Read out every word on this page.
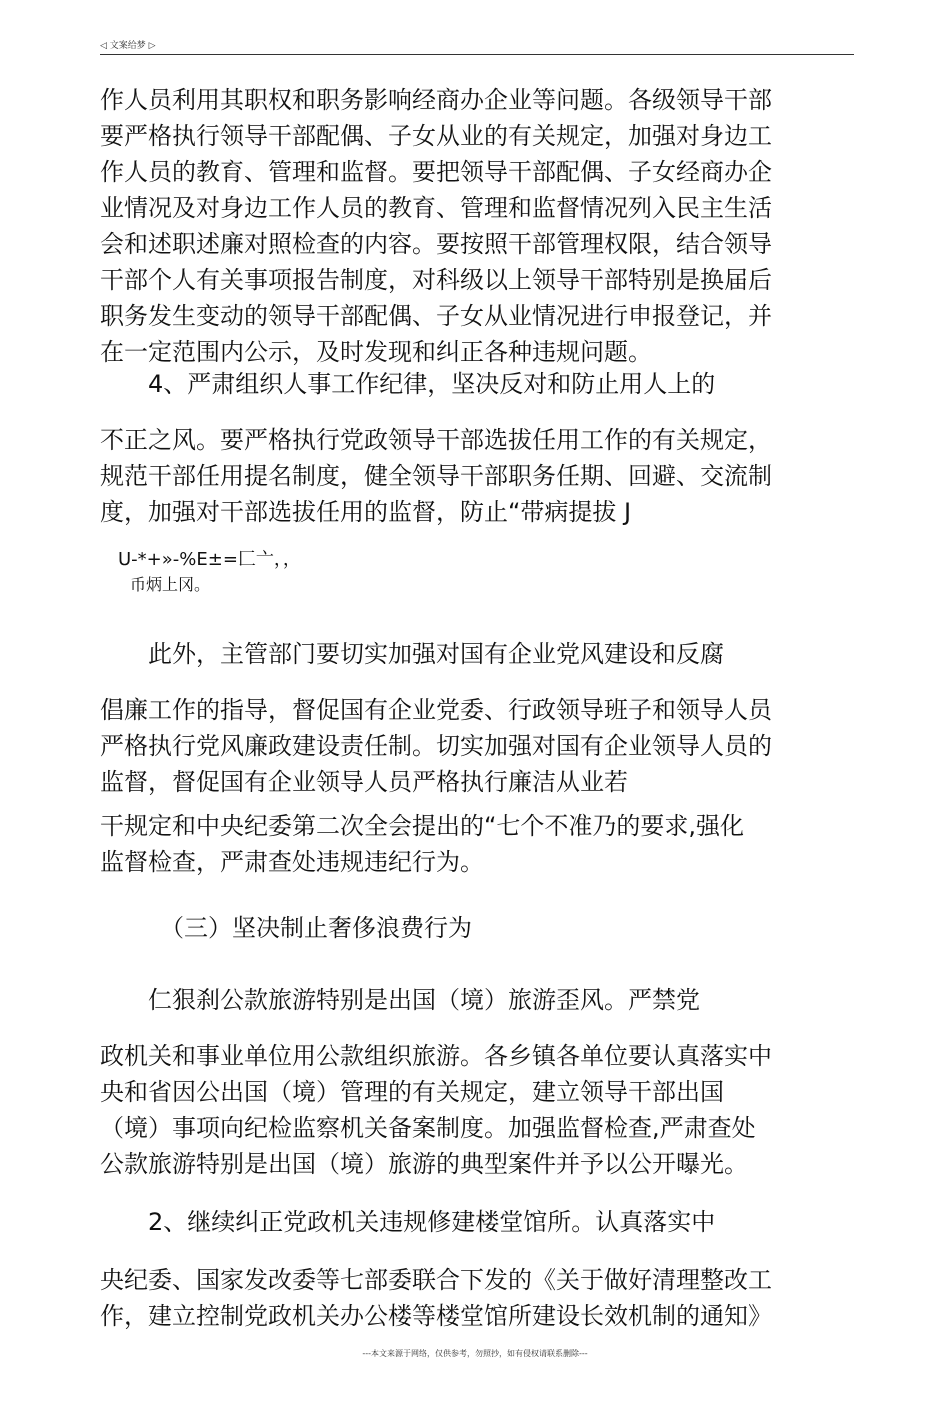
◁ 文案给梦 ▷
作人员利用其职权和职务影响经商办企业等问题。各级领导干部
要严格执行领导干部配偶、子女从业的有关规定，加强对身边工
作人员的教育、管理和监督。要把领导干部配偶、子女经商办企
业情况及对身边工作人员的教育、管理和监督情况列入民主生活
会和述职述廉对照检查的内容。要按照干部管理权限，结合领导
干部个人有关事项报告制度，对科级以上领导干部特别是换届后
职务发生变动的领导干部配偶、子女从业情况进行申报登记，并
在一定范围内公示，及时发现和纠正各种违规问题。
　　4、严肃组织人事工作纪律，坚决反对和防止用人上的
不正之风。要严格执行党政领导干部选拔任用工作的有关规定，
规范干部任用提名制度，健全领导干部职务任期、回避、交流制
度，加强对干部选拔任用的监督，防止“带病提拔 J
U-*+»-%E±=匚亠，，
币炳上冈。
　　此外，主管部门要切实加强对国有企业党风建设和反腐
倡廉工作的指导，督促国有企业党委、行政领导班子和领导人员
严格执行党风廉政建设责任制。切实加强对国有企业领导人员的
监督，督促国有企业领导人员严格执行廉洁从业若
干规定和中央纪委第二次全会提出的“七个不准乃的要求,强化
监督检查，严肃查处违规违纪行为。
　　　（三）坚决制止奢侈浪费行为
　　仁狠刹公款旅游特别是出国（境）旅游歪风。严禁党
政机关和事业单位用公款组织旅游。各乡镇各单位要认真落实中
央和省因公出国（境）管理的有关规定，建立领导干部出国
（境）事项向纪检监察机关备案制度。加强监督检查,严肃查处
公款旅游特别是出国（境）旅游的典型案件并予以公开曝光。
　　2、继续纠正党政机关违规修建楼堂馆所。认真落实中
央纪委、国家发改委等七部委联合下发的《关于做好清理整改工
作，建立控制党政机关办公楼等楼堂馆所建设长效机制的通知》
---本文来源于网络，仅供参考，勿照抄，如有侵权请联系删除---
